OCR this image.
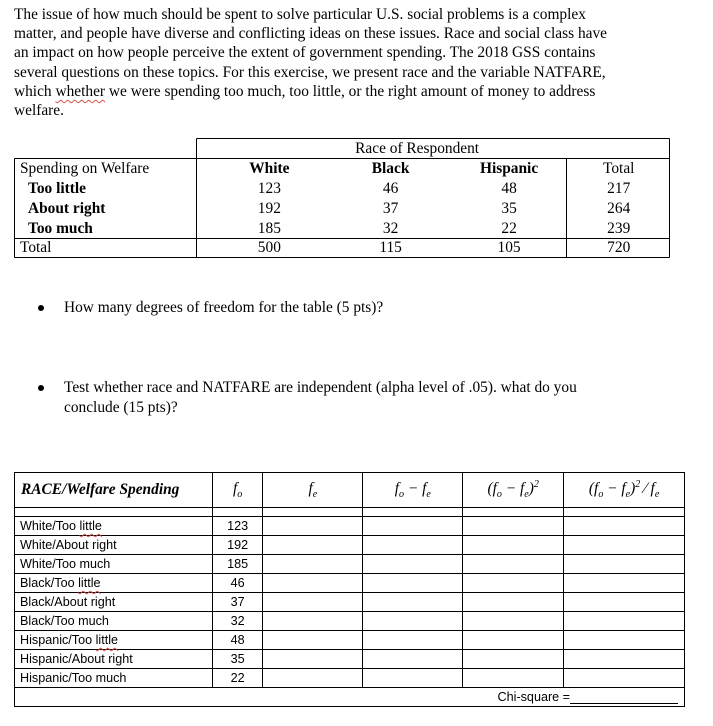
The issue of how much should be spent to solve particular U.S. social problems is a complex matter, and people have diverse and conflicting ideas on these issues. Race and social class have an impact on how people perceive the extent of government spending. The 2018 GSS contains several questions on these topics. For this exercise, we present race and the variable NATFARE, which whether we were spending too much, too little, or the right amount of money to address welfare.

	Race of Respondent			
Spending on Welfare	White	Black	Hispanic	Total
Too little	123	46	48	217
About right	192	37	35	264
Too much	185	32	22	239
Total	500	115	105	720
How many degrees of freedom for the table (5 pts)?
Test whether race and NATFARE are independent (alpha level of .05). what do you conclude (15 pts)?
RACE/Welfare Spending	$f_o$	$f_e$	$f_o - f_e$	$(f_o - f_e)^2$	$(f_o - f_e)^2$ ⁄ $f_e$

White/Too little	123				
White/About right	192				
White/Too much	185				
Black/Too little	46				
Black/About right	37				
Black/Too much	32				
Hispanic/Too little	48				
Hispanic/About right	35				
Hispanic/Too much	22				
Chi-square =					
